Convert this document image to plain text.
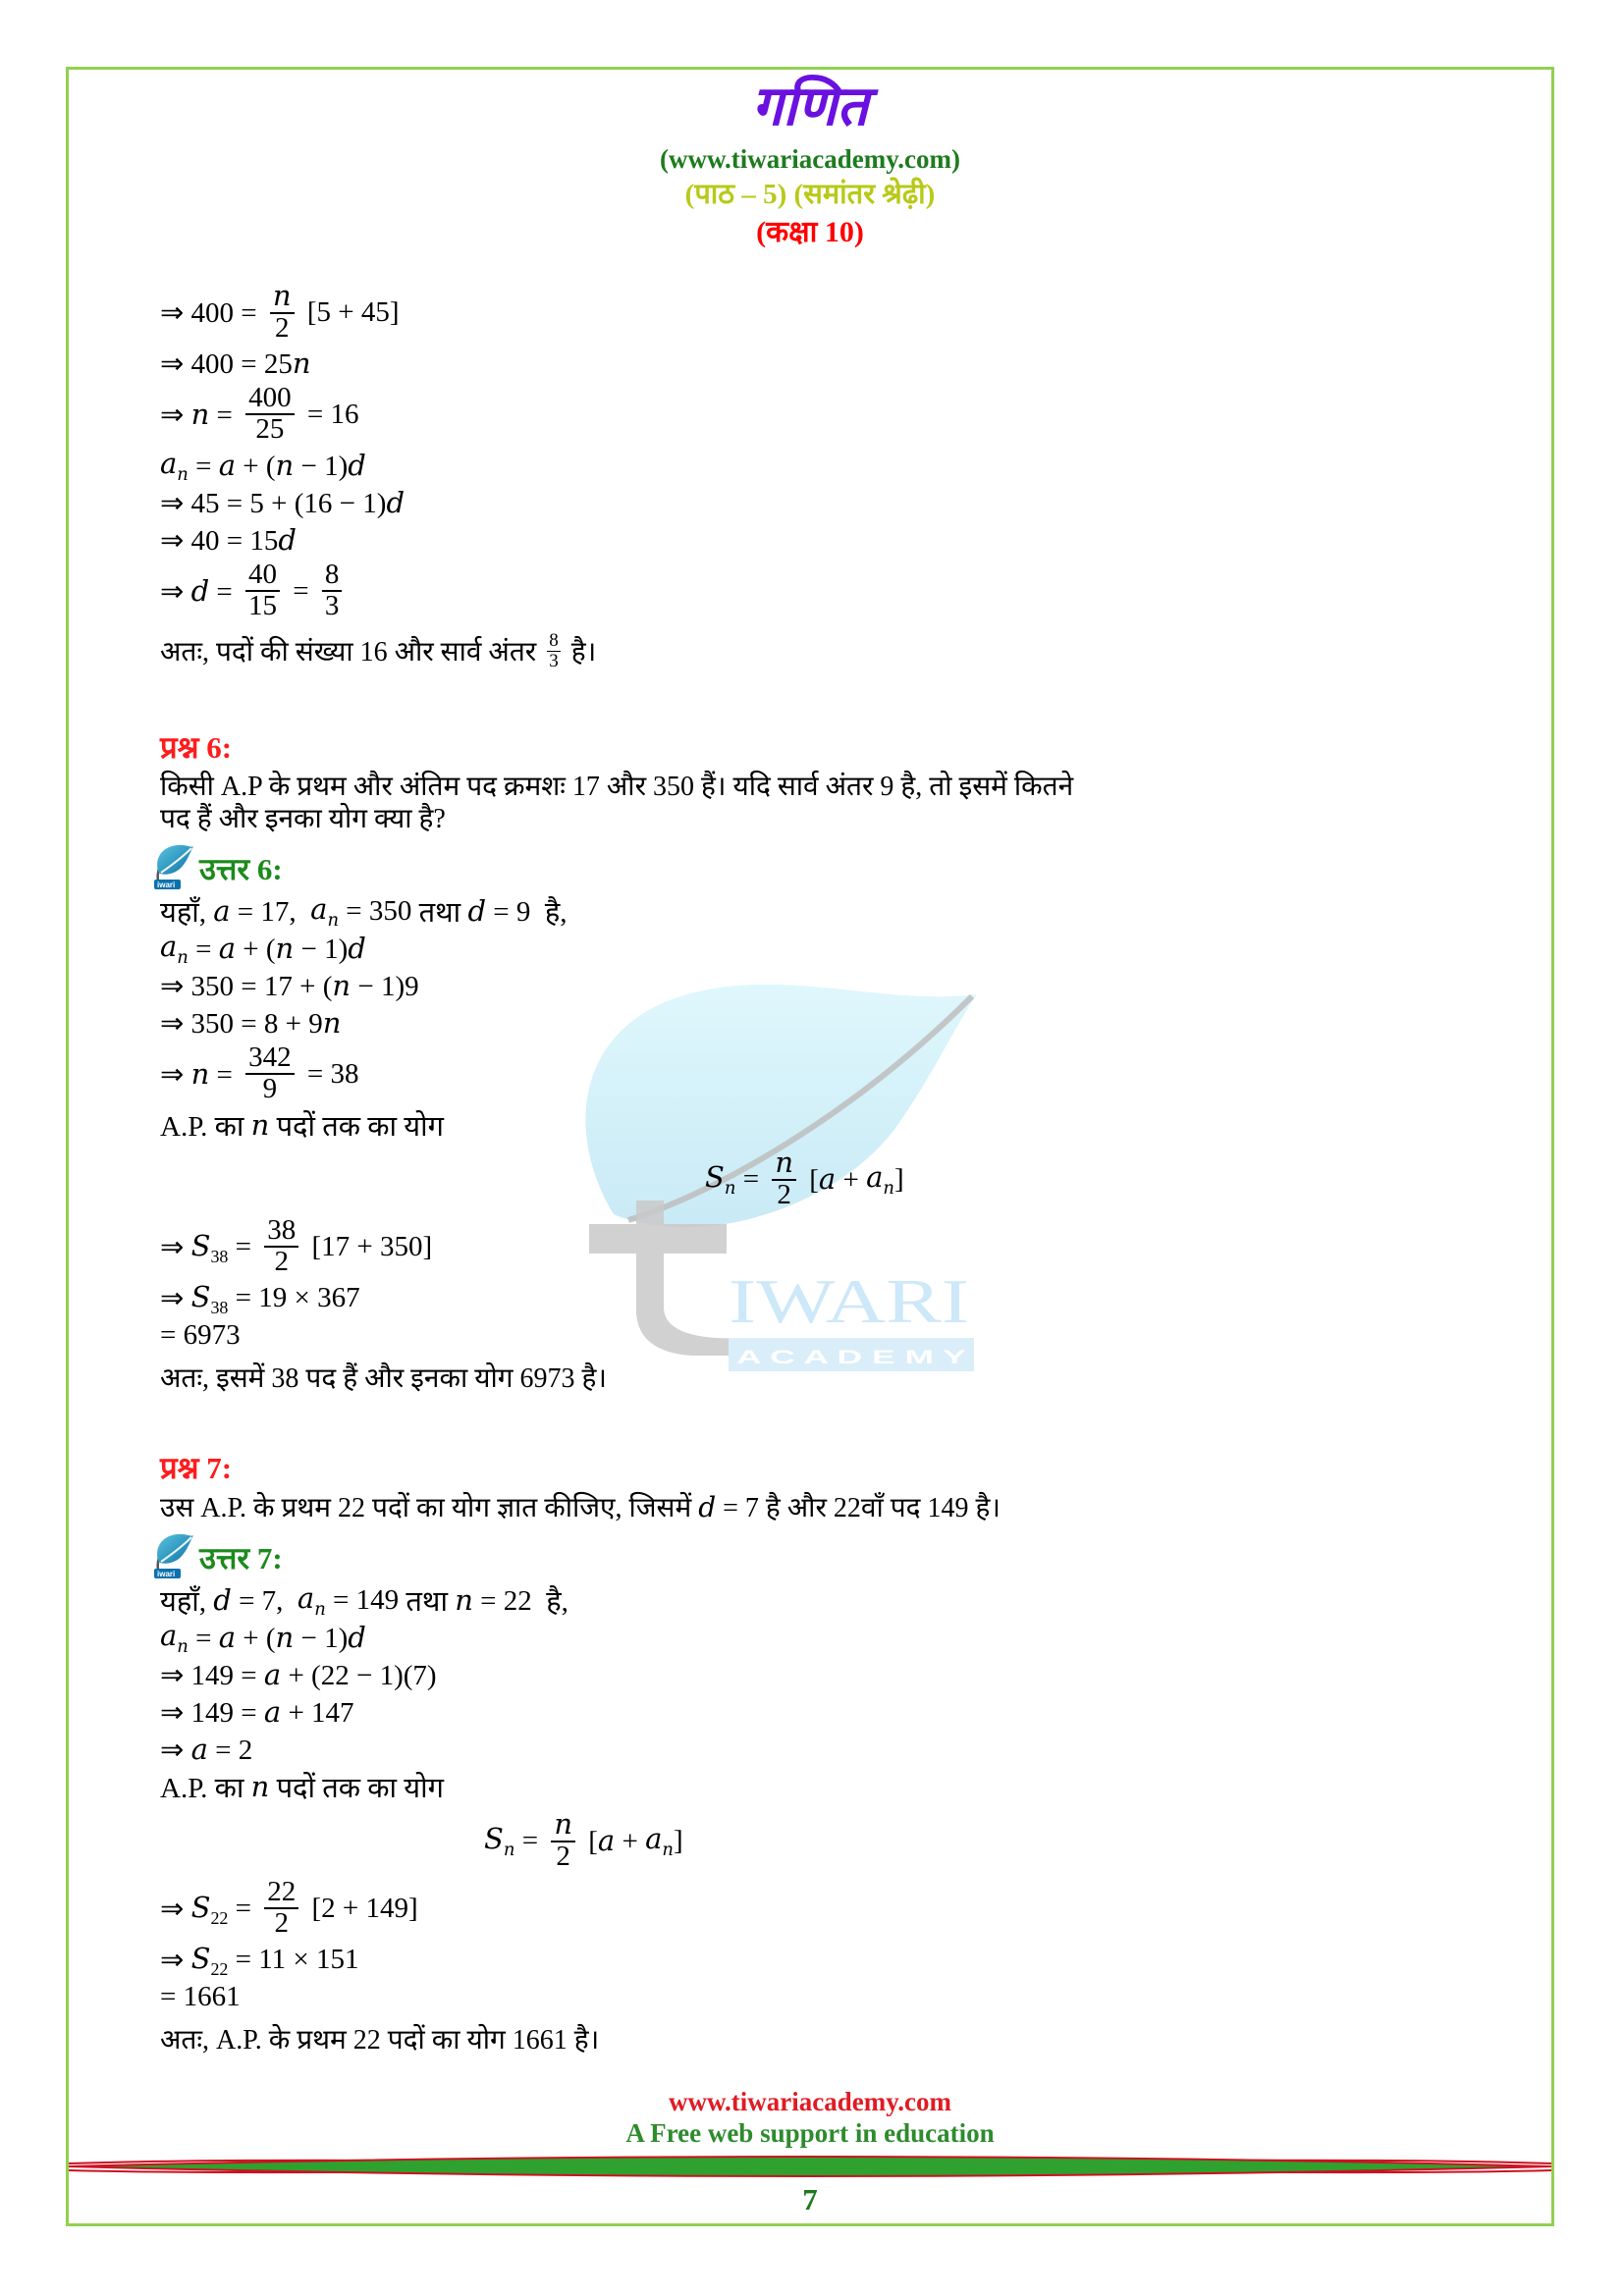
IWARI
A C A D E M Y
गणित
(www.tiwariacademy.com)
(पाठ – 5) (समांतर श्रेढ़ी)
(कक्षा 10)
⇒ $400 = \frac{n}{2} [5 + 45]$
⇒ 400 = 25n
⇒ $n = \frac{400}{25} = 16$
$a_n = a + (n - 1)d$
⇒ 45 = 5 + (16 − 1)d
⇒ 40 = 15d
⇒ $d = \frac{40}{15} = \frac{8}{3}$
अतः, पदों की संख्या 16 और सार्व अंतर $\frac{8}{3}$ है।
प्रश्न 6:
किसी A.P के प्रथम और अंतिम पद क्रमशः 17 और 350 हैं। यदि सार्व अंतर 9 है, तो इसमें कितने
पद हैं और इनका योग क्या है?
iwari उत्तर 6:
यहाँ, a = 17, $a_n = 350$ तथा d = 9 है,
$a_n = a + (n - 1)d$
⇒ 350 = 17 + (n − 1)9
⇒ 350 = 8 + 9n
⇒ $n = \frac{342}{9} = 38$
A.P. का n पदों तक का योग
$S_n = \frac{n}{2} [a + a_n$ ]
⇒ $S_{38} = \frac{38}{2} [17 + 350]$
⇒ $S_{38} = 19 \times 367$
= 6973
अतः, इसमें 38 पद हैं और इनका योग 6973 है।
प्रश्न 7:
उस A.P. के प्रथम 22 पदों का योग ज्ञात कीजिए, जिसमें d = 7 है और 22वाँ पद 149 है।
iwari उत्तर 7:
यहाँ, d = 7, $a_n = 149$ तथा n = 22 है,
$a_n = a + (n - 1)d$
⇒ 149 = a + (22 − 1)(7)
⇒ 149 = a + 147
⇒ a = 2
A.P. का n पदों तक का योग
$S_n = \frac{n}{2} [a + a_n$ ]
⇒ $S_{22} = \frac{22}{2} [2 + 149]$
⇒ $S_{22} = 11 \times 151$
= 1661
अतः, A.P. के प्रथम 22 पदों का योग 1661 है।
www.tiwariacademy.com
A Free web support in education
7
